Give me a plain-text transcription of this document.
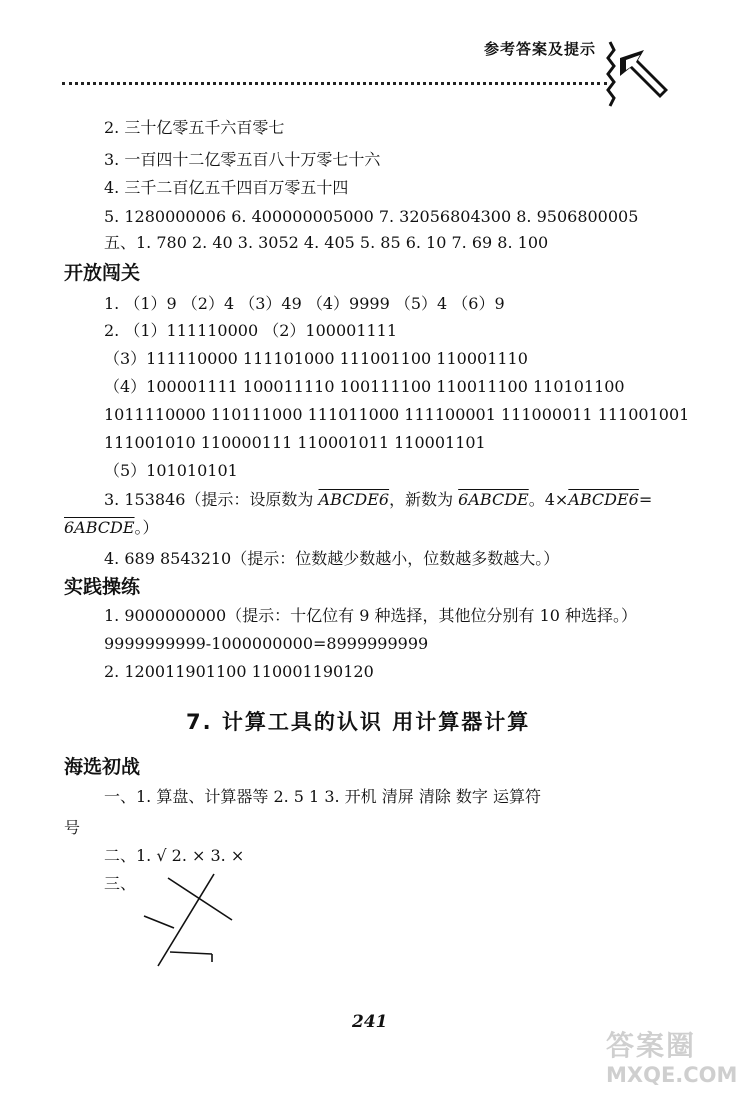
参考答案及提示
2. 三十亿零五千六百零七
3. 一百四十二亿零五百八十万零七十六
4. 三千二百亿五千四百万零五十四
5. 1280000006 6. 400000005000 7. 32056804300 8. 9506800005
五、1. 780 2. 40 3. 3052 4. 405 5. 85 6. 10 7. 69 8. 100
开放闯关
1. （1）9 （2）4 （3）49 （4）9999 （5）4 （6）9
2. （1）111110000 （2）100001111
（3）111110000 111101000 111001100 110001110
（4）100001111 100011110 100111100 110011100 110101100
1011110000 110111000 111011000 111100001 111000011 111001001
111001010 110000111 110001011 110001101
（5）101010101
3. 153846（提示：设原数为 ABCDE6，新数为 6ABCDE。4×ABCDE6=
6ABCDE。）
4. 689 8543210（提示：位数越少数越小，位数越多数越大。）
实践操练
1. 9000000000（提示：十亿位有 9 种选择，其他位分别有 10 种选择。）
9999999999-1000000000=8999999999
2. 120011901100 110001190120
7. 计算工具的认识 用计算器计算
海选初战
一、1. 算盘、计算器等 2. 5 1 3. 开机 清屏 清除 数字 运算符
号
二、1. √ 2. × 3. ×
三、
241
答案圈
MXQE.COM
